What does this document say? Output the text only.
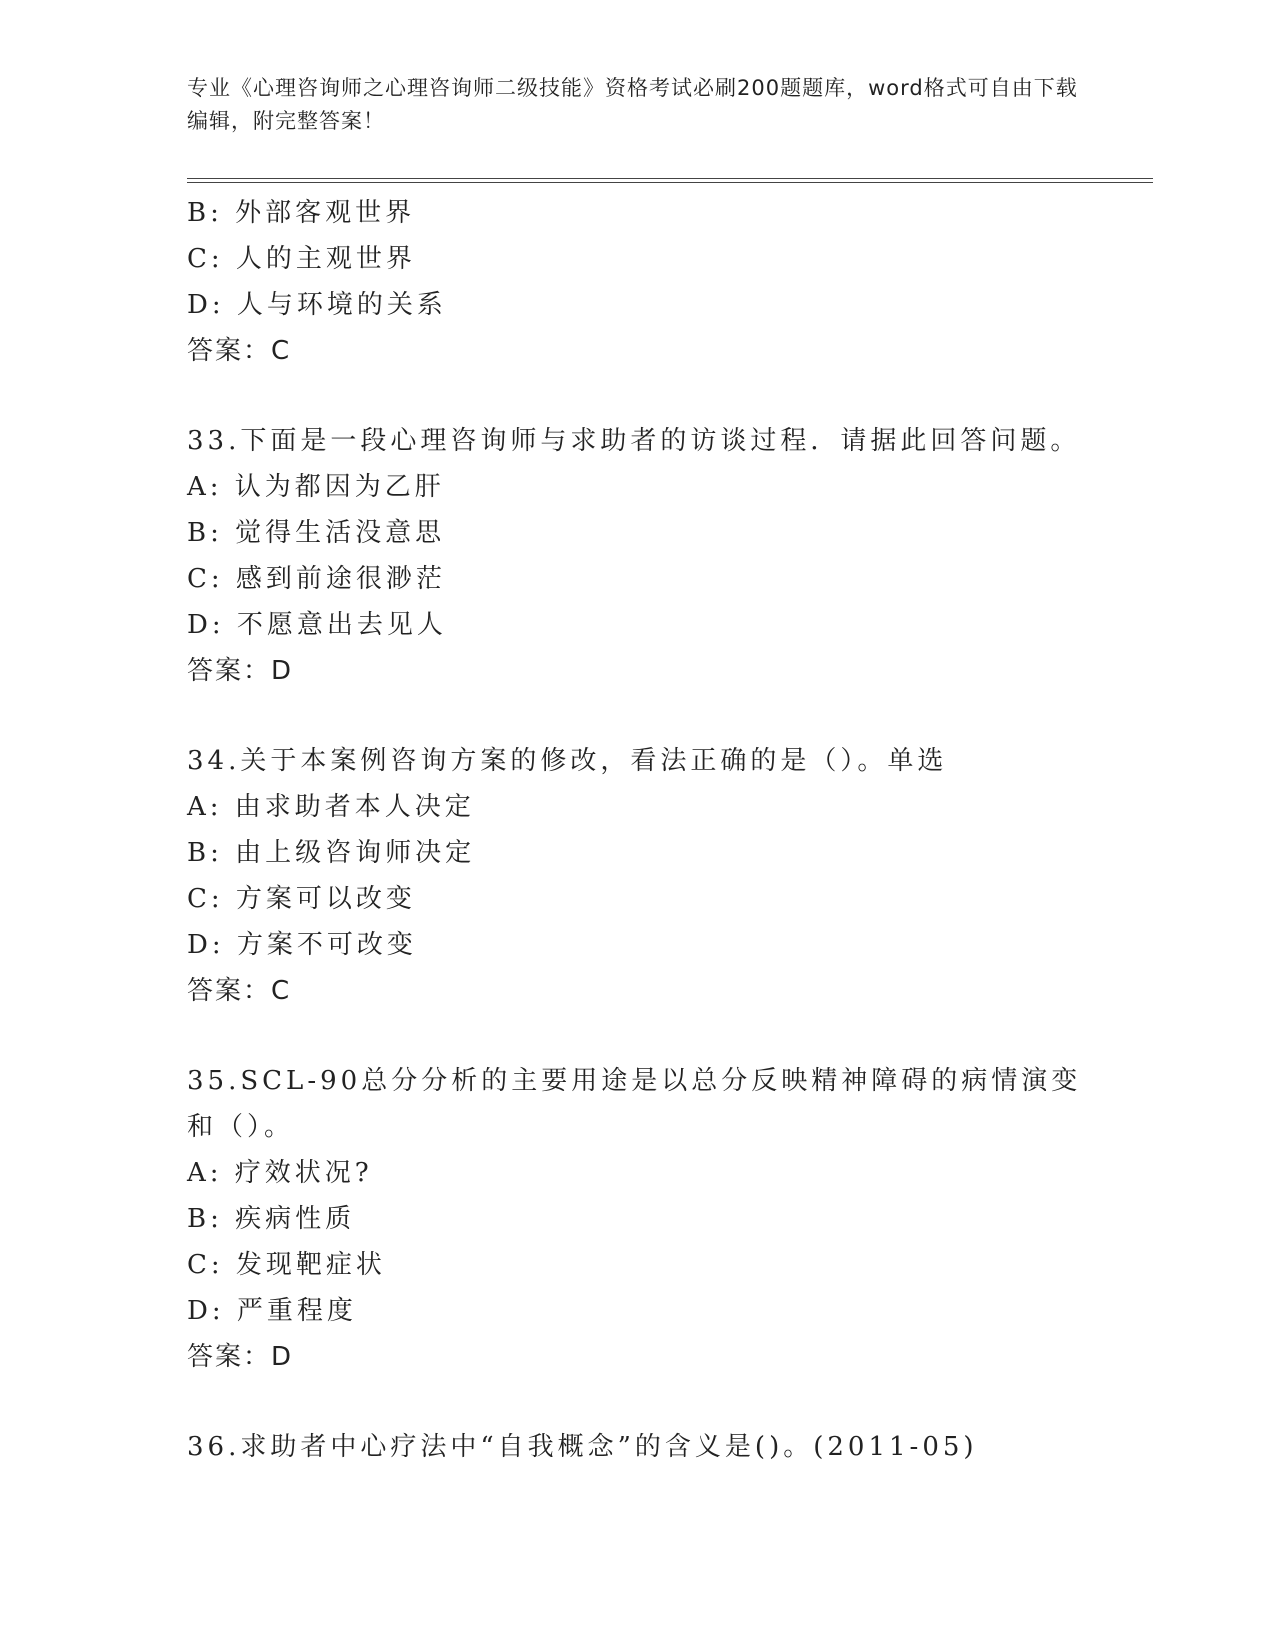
专业《心理咨询师之心理咨询师二级技能》资格考试必刷200题题库，word格式可自由下载编辑，附完整答案！
B: 外部客观世界
C: 人的主观世界
D: 人与环境的关系
答案：C
33.下面是一段心理咨询师与求助者的访谈过程．请据此回答问题。
A: 认为都因为乙肝
B: 觉得生活没意思
C: 感到前途很渺茫
D: 不愿意出去见人
答案：D
34.关于本案例咨询方案的修改，看法正确的是（）。单选
A: 由求助者本人决定
B: 由上级咨询师决定
C: 方案可以改变
D: 方案不可改变
答案：C
35.SCL-90总分分析的主要用途是以总分反映精神障碍的病情演变和（）。
A: 疗效状况?
B: 疾病性质
C: 发现靶症状
D: 严重程度
答案：D
36.求助者中心疗法中“自我概念”的含义是()。(2011-05)
